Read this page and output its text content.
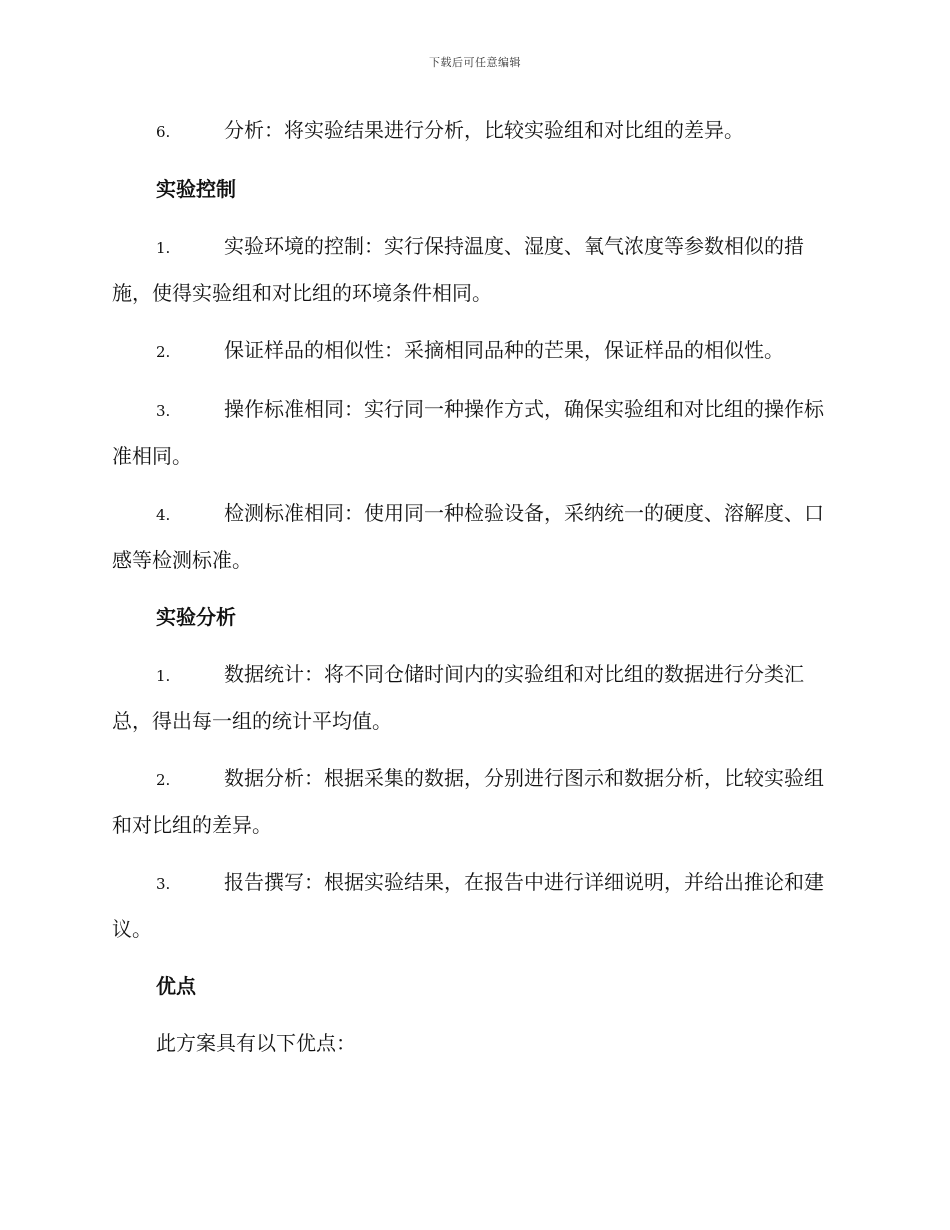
下载后可任意编辑

6.	分析：将实验结果进行分析，比较实验组和对比组的差异。

实验控制

1.	实验环境的控制：实行保持温度、湿度、氧气浓度等参数相似的措施，使得实验组和对比组的环境条件相同。

2.	保证样品的相似性：采摘相同品种的芒果，保证样品的相似性。

3.	操作标准相同：实行同一种操作方式，确保实验组和对比组的操作标准相同。

4.	检测标准相同：使用同一种检验设备，采纳统一的硬度、溶解度、口感等检测标准。

实验分析

1.	数据统计：将不同仓储时间内的实验组和对比组的数据进行分类汇总，得出每一组的统计平均值。

2.	数据分析：根据采集的数据，分别进行图示和数据分析，比较实验组和对比组的差异。

3.	报告撰写：根据实验结果，在报告中进行详细说明，并给出推论和建议。

优点

此方案具有以下优点：
